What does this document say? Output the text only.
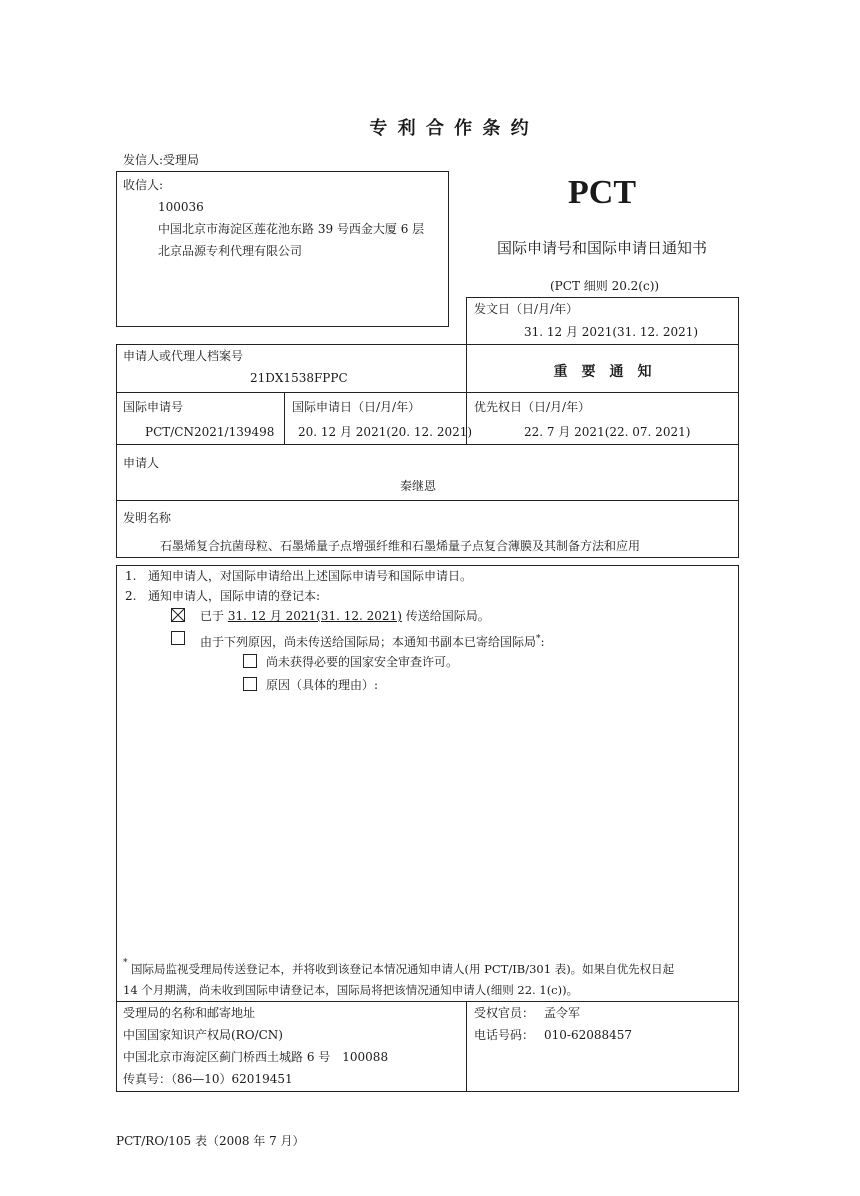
专 利 合 作 条 约
发信人:受理局
收信人:
100036
中国北京市海淀区莲花池东路 39 号西金大厦 6 层
北京品源专利代理有限公司
PCT
国际申请号和国际申请日通知书
(PCT 细则 20.2(c))
发文日（日/月/年）
31. 12 月 2021(31. 12. 2021)
申请人或代理人档案号
21DX1538FPPC	重　要　通　知
国际申请号
PCT/CN2021/139498
国际申请日（日/月/年）
20. 12 月 2021(20. 12. 2021)
优先权日（日/月/年）
22. 7 月 2021(22. 07. 2021)
申请人
秦继恩
发明名称
石墨烯复合抗菌母粒、石墨烯量子点增强纤维和石墨烯量子点复合薄膜及其制备方法和应用
1. 通知申请人，对国际申请给出上述国际申请号和国际申请日。
2. 通知申请人，国际申请的登记本:
已于 31. 12 月 2021(31. 12. 2021) 传送给国际局。
由于下列原因，尚未传送给国际局；本通知书副本已寄给国际局*:
尚未获得必要的国家安全审查许可。
原因（具体的理由）:
* 国际局监视受理局传送登记本，并将收到该登记本情况通知申请人(用 PCT/IB/301 表)。如果自优先权日起
14 个月期满，尚未收到国际申请登记本，国际局将把该情况通知申请人(细则 22. 1(c))。
受理局的名称和邮寄地址
中国国家知识产权局(RO/CN)
中国北京市海淀区蓟门桥西土城路 6 号　100088
传真号：（86—10）62019451
受权官员： 孟令军
电话号码： 010-62088457
PCT/RO/105 表（2008 年 7 月）
